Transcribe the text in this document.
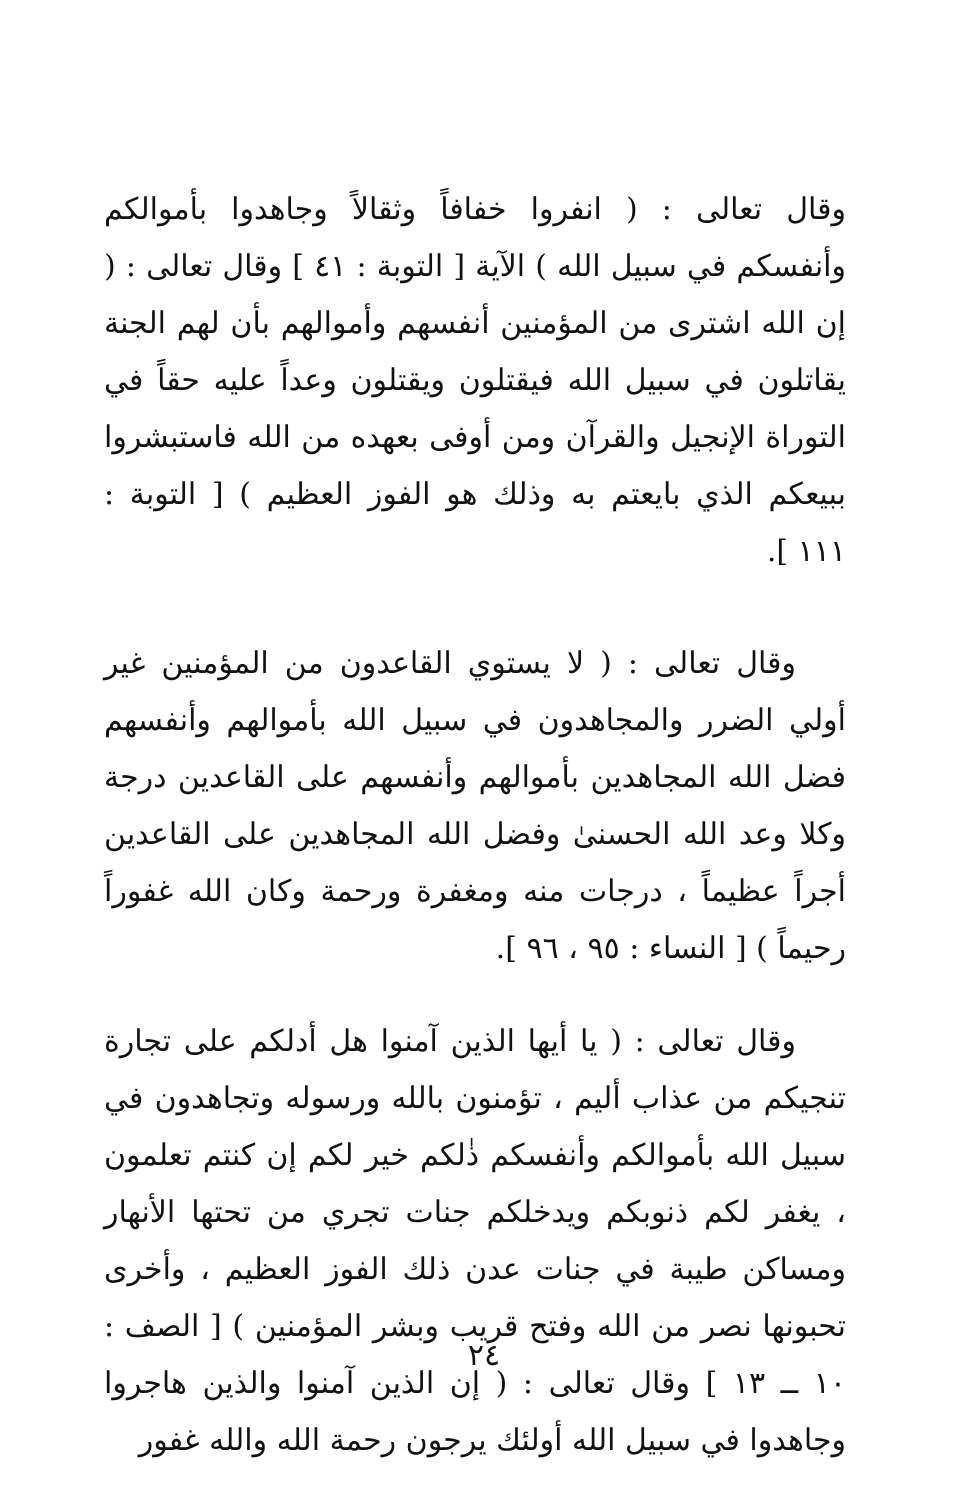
وقال تعالى : ( انفروا خفافاً وثقالاً وجاهدوا بأموالكم وأنفسكم في سبيل الله ) الآية [ التوبة : ٤١ ] وقال تعالى : ( إن الله اشترى من المؤمنين أنفسهم وأموالهم بأن لهم الجنة يقاتلون في سبيل الله فيقتلون ويقتلون وعداً عليه حقاً في التوراة الإنجيل والقرآن ومن أوفى بعهده من الله فاستبشروا ببيعكم الذي بايعتم به وذلك هو الفوز العظيم ) [ التوبة : ١١١ ].

وقال تعالى : ( لا يستوي القاعدون من المؤمنين غير أولي الضرر والمجاهدون في سبيل الله بأموالهم وأنفسهم فضل الله المجاهدين بأموالهم وأنفسهم على القاعدين درجة وكلا وعد الله الحسنىٰ وفضل الله المجاهدين على القاعدين أجراً عظيماً ، درجات منه ومغفرة ورحمة وكان الله غفوراً رحيماً ) [ النساء : ٩٥ ، ٩٦ ].

وقال تعالى : ( يا أيها الذين آمنوا هل أدلكم على تجارة تنجيكم من عذاب أليم ، تؤمنون بالله ورسوله وتجاهدون في سبيل الله بأموالكم وأنفسكم ذٰلكم خير لكم إن كنتم تعلمون ، يغفر لكم ذنوبكم ويدخلكم جنات تجري من تحتها الأنهار ومساكن طيبة في جنات عدن ذلك الفوز العظيم ، وأخرى تحبونها نصر من الله وفتح قريب وبشر المؤمنين ) [ الصف : ١٠ ــ ١٣ ] وقال تعالى : ( إن الذين آمنوا والذين هاجروا وجاهدوا في سبيل الله أولئك يرجون رحمة الله والله غفور

٢٤
